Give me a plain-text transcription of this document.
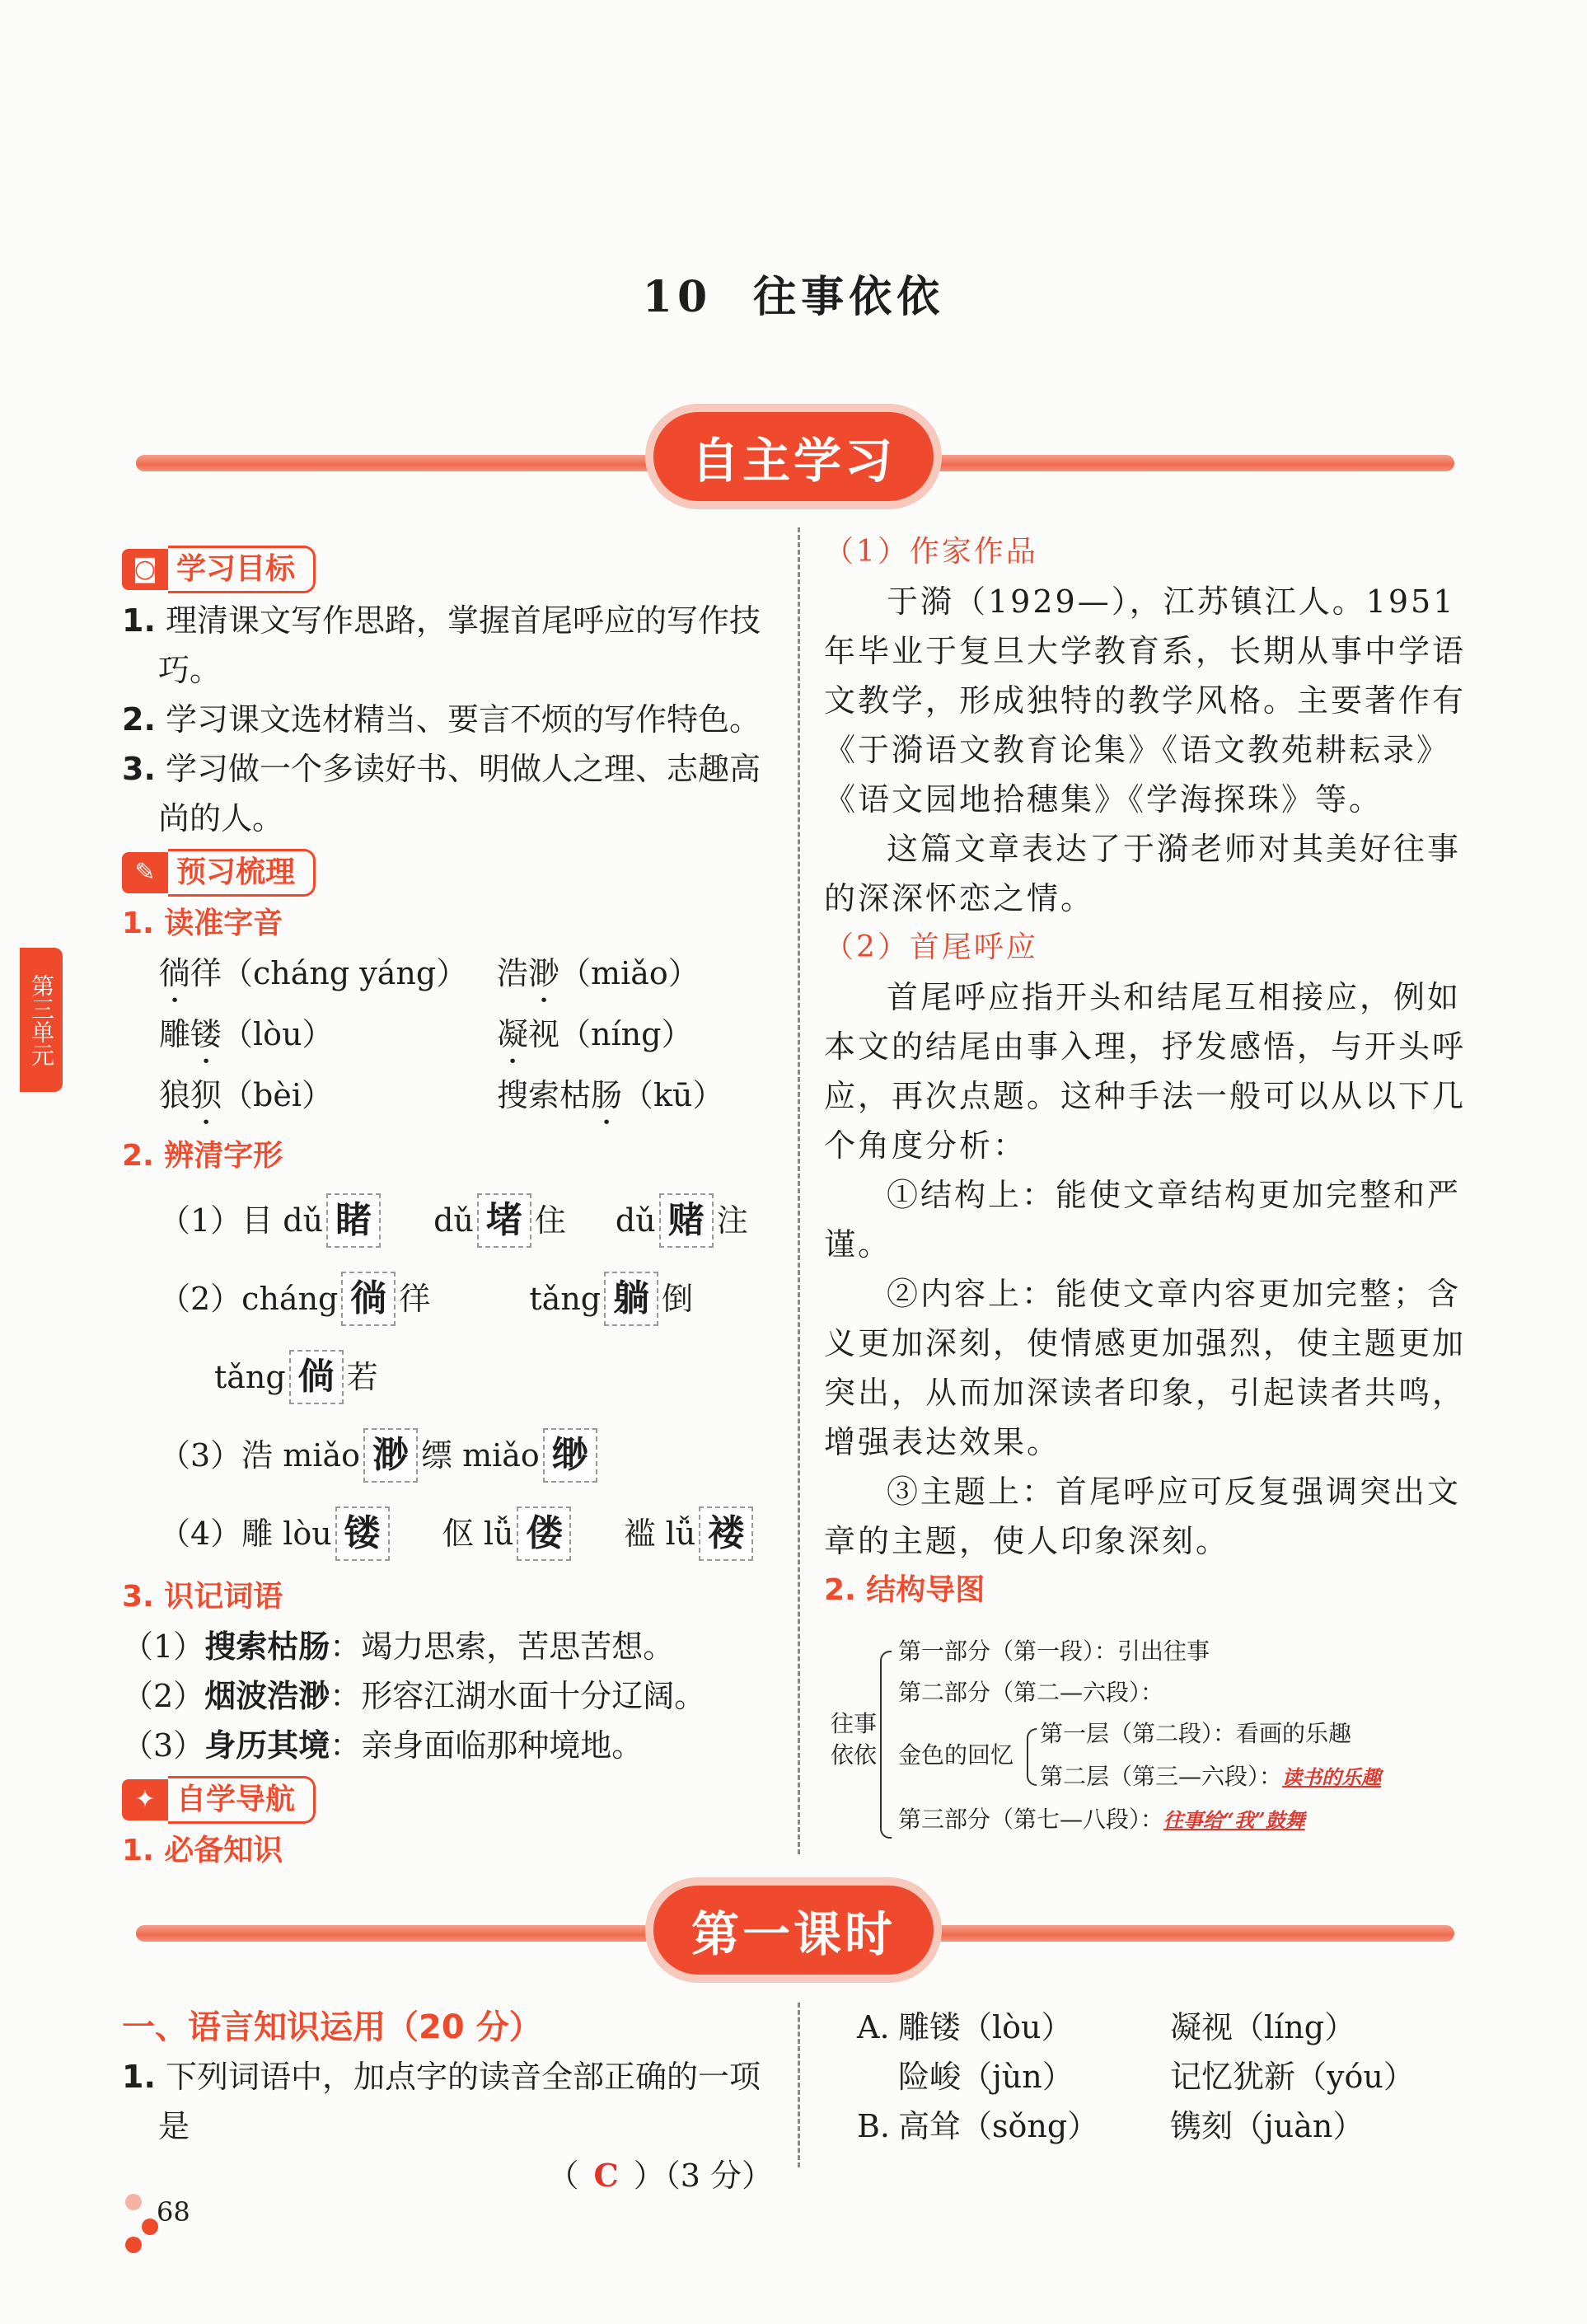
10 往事依依
自主学习
◙ 学习目标
1. 理清课文写作思路，掌握首尾呼应的写作技巧。
2. 学习课文选材精当、要言不烦的写作特色。
3. 学习做一个多读好书、明做人之理、志趣高尚的人。
✎ 预习梳理
1. 读准字音
徜徉（cháng yáng） 浩渺（miǎo）
雕镂（lòu）	凝视（níng）
狼狈（bèi）	搜索枯肠（kū）
2. 辨清字形
（1）目 dǔ 睹 dǔ 堵 住 dǔ 赌 注
（2）cháng 徜 徉	tǎng 躺 倒
tǎng 倘 若
（3）浩 miǎo 渺 缥 miǎo 缈
（4）雕 lòu 镂 伛 lǚ 偻 褴 lǚ 褛
3. 识记词语
（1）搜索枯肠：竭力思索，苦思苦想。
（2）烟波浩渺：形容江湖水面十分辽阔。
（3）身历其境：亲身面临那种境地。
✦ 自学导航
1. 必备知识
（1）作家作品
于漪（1929—），江苏镇江人。1951 年毕业于复旦大学教育系，长期从事中学语文教学，形成独特的教学风格。主要著作有《于漪语文教育论集》《语文教苑耕耘录》《语文园地拾穗集》《学海探珠》等。
这篇文章表达了于漪老师对其美好往事的深深怀恋之情。
（2）首尾呼应
首尾呼应指开头和结尾互相接应，例如本文的结尾由事入理，抒发感悟，与开头呼应，再次点题。这种手法一般可以从以下几个角度分析：
①结构上：能使文章结构更加完整和严谨。
②内容上：能使文章内容更加完整；含义更加深刻，使情感更加强烈，使主题更加突出，从而加深读者印象，引起读者共鸣，增强表达效果。
③主题上：首尾呼应可反复强调突出文章的主题，使人印象深刻。
2. 结构导图
往事
依依
第一部分（第一段）：引出往事
第二部分（第二—六段）：
金色的回忆
第一层（第二段）：看画的乐趣
第二层（第三—六段）：读书的乐趣
第三部分（第七—八段）：往事给“我”鼓舞
第一课时
一、语言知识运用（20 分）
1. 下列词语中，加点字的读音全部正确的一项是
（ C ）（3 分）
A. 雕镂（lòu）	凝视（líng）
险峻（jùn）	记忆犹新（yóu）
B. 高耸（sǒng）	镌刻（juàn）
第三单元
68
